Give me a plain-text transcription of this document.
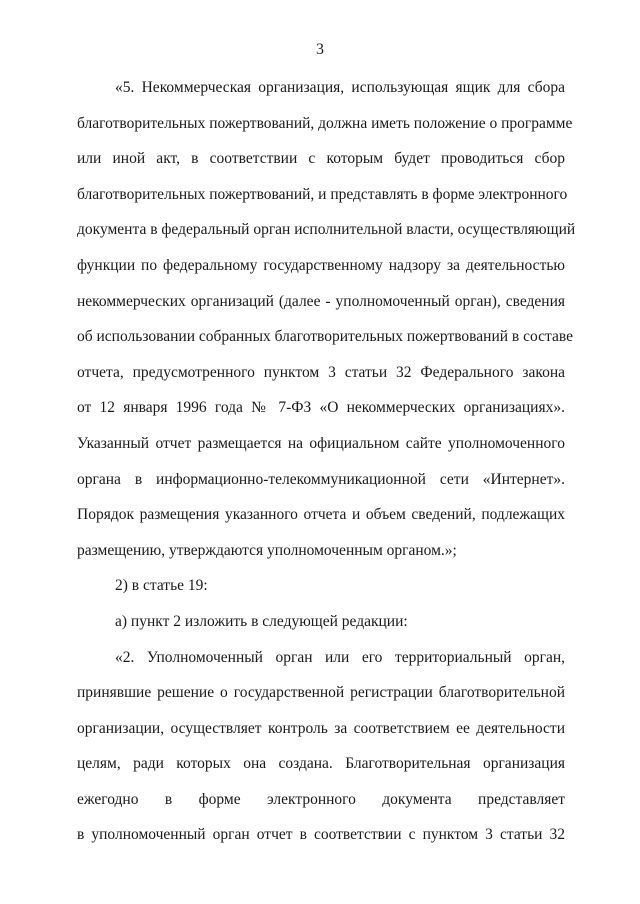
3
«5. Некоммерческая организация, использующая ящик для сбора
благотворительных пожертвований, должна иметь положение о программе
или иной акт, в соответствии с которым будет проводиться сбор
благотворительных пожертвований, и представлять в форме электронного
документа в федеральный орган исполнительной власти, осуществляющий
функции по федеральному государственному надзору за деятельностью
некоммерческих организаций (далее - уполномоченный орган), сведения
об использовании собранных благотворительных пожертвований в составе
отчета, предусмотренного пунктом 3 статьи 32 Федерального закона
от 12 января 1996 года № 7-ФЗ «О некоммерческих организациях».
Указанный отчет размещается на официальном сайте уполномоченного
органа в информационно-телекоммуникационной сети «Интернет».
Порядок размещения указанного отчета и объем сведений, подлежащих
размещению, утверждаются уполномоченным органом.»;
2) в статье 19:
а) пункт 2 изложить в следующей редакции:
«2. Уполномоченный орган или его территориальный орган,
принявшие решение о государственной регистрации благотворительной
организации, осуществляет контроль за соответствием ее деятельности
целям, ради которых она создана. Благотворительная организация
ежегодно в форме электронного документа представляет
в уполномоченный орган отчет в соответствии с пунктом 3 статьи 32
